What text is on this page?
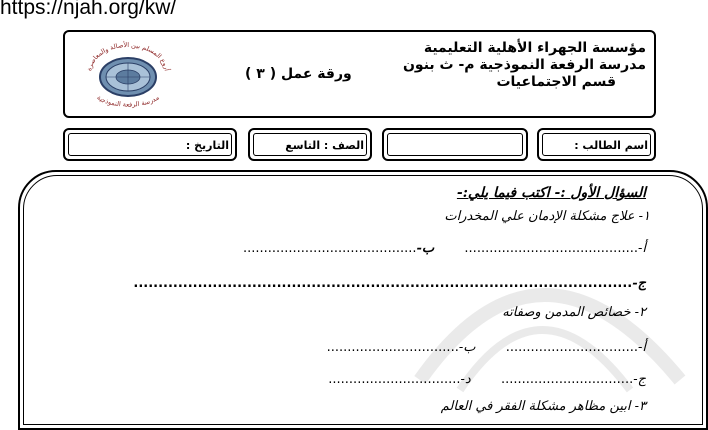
https://njah.org/kw/
مؤسسة الجهراء الأهلية التعليمية
مدرسة الرفعة النموذجية م- ث بنون
قسم الاجتماعيات
ورقة عمل ( ٣ )
أروع المسلم بين الأصالة والمعاصرة
مدرسة الرفعة النموذجية
اسم الطالب :
الصف : التاسع
التاريخ :
السؤال الأول :- اكتب فيما يلي:-
١- علاج مشكلة الإدمان علي المخدرات
أ-..........................................  ب-..........................................
ج-.....................................................................................................
٢- خصائص المدمن وصفاته
أ-................................  ب-................................
ج-................................  د-................................
٣- ابين مظاهر مشكلة الفقر في العالم
